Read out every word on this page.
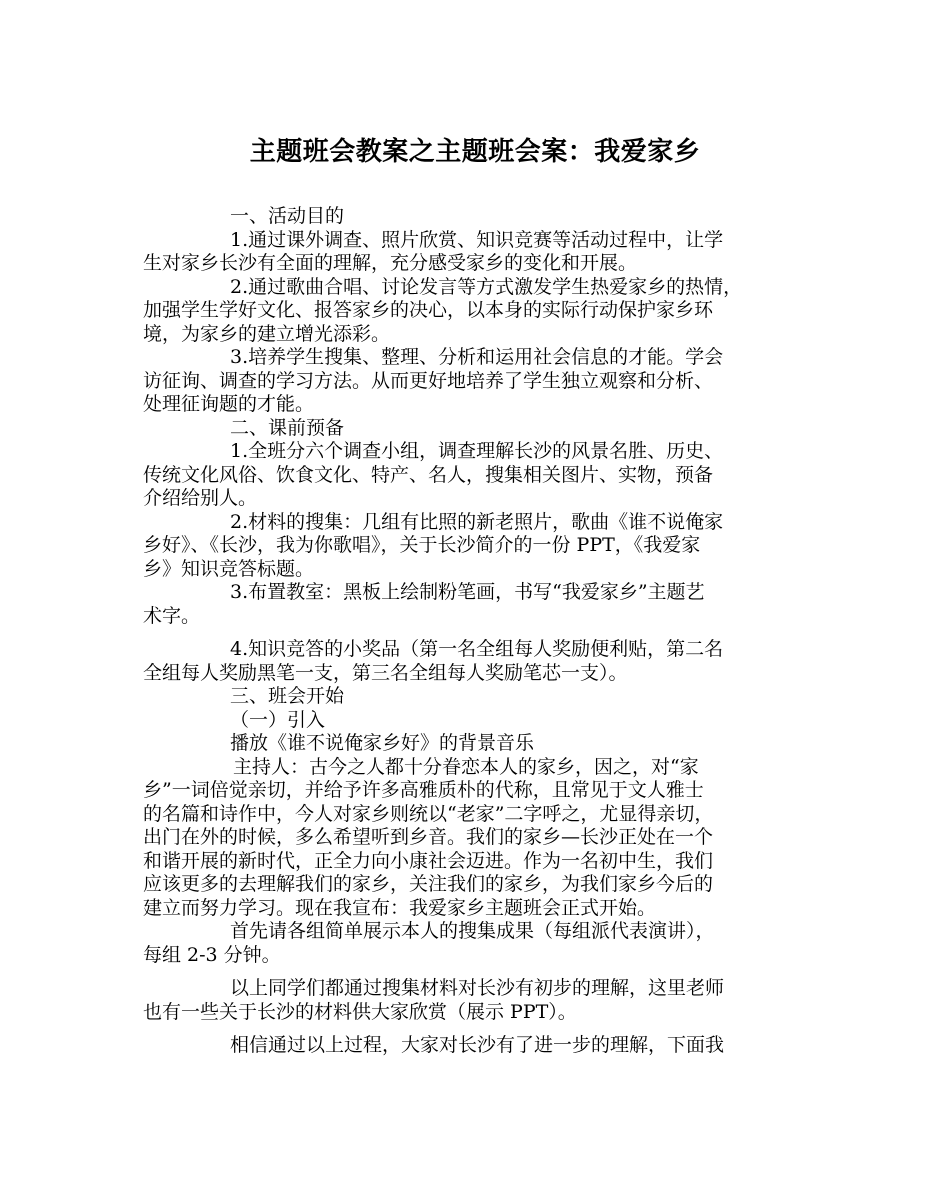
主题班会教案之主题班会案：我爱家乡
一、活动目的
1.通过课外调查、照片欣赏、知识竞赛等活动过程中，让学
生对家乡长沙有全面的理解，充分感受家乡的变化和开展。
2.通过歌曲合唱、讨论发言等方式激发学生热爱家乡的热情，
加强学生学好文化、报答家乡的决心，以本身的实际行动保护家乡环
境，为家乡的建立增光添彩。
3.培养学生搜集、整理、分析和运用社会信息的才能。学会
访征询、调查的学习方法。从而更好地培养了学生独立观察和分析、
处理征询题的才能。
二、课前预备
1.全班分六个调查小组，调查理解长沙的风景名胜、历史、
传统文化风俗、饮食文化、特产、名人，搜集相关图片、实物，预备
介绍给别人。
2.材料的搜集：几组有比照的新老照片，歌曲《谁不说俺家
乡好》、《长沙，我为你歌唱》，关于长沙简介的一份 PPT，《我爱家
乡》知识竞答标题。
3.布置教室：黑板上绘制粉笔画，书写“我爱家乡”主题艺
术字。
4.知识竞答的小奖品（第一名全组每人奖励便利贴，第二名
全组每人奖励黑笔一支，第三名全组每人奖励笔芯一支）。
三、班会开始
（一）引入
播放《谁不说俺家乡好》的背景音乐
主持人：古今之人都十分眷恋本人的家乡，因之，对“家
乡”一词倍觉亲切，并给予许多高雅质朴的代称，且常见于文人雅士
的名篇和诗作中，今人对家乡则统以“老家”二字呼之，尤显得亲切，
出门在外的时候，多么希望听到乡音。我们的家乡—长沙正处在一个
和谐开展的新时代，正全力向小康社会迈进。作为一名初中生，我们
应该更多的去理解我们的家乡，关注我们的家乡，为我们家乡今后的
建立而努力学习。现在我宣布：我爱家乡主题班会正式开始。
首先请各组简单展示本人的搜集成果（每组派代表演讲），
每组 2-3 分钟。
以上同学们都通过搜集材料对长沙有初步的理解，这里老师
也有一些关于长沙的材料供大家欣赏（展示 PPT）。
相信通过以上过程，大家对长沙有了进一步的理解，下面我
